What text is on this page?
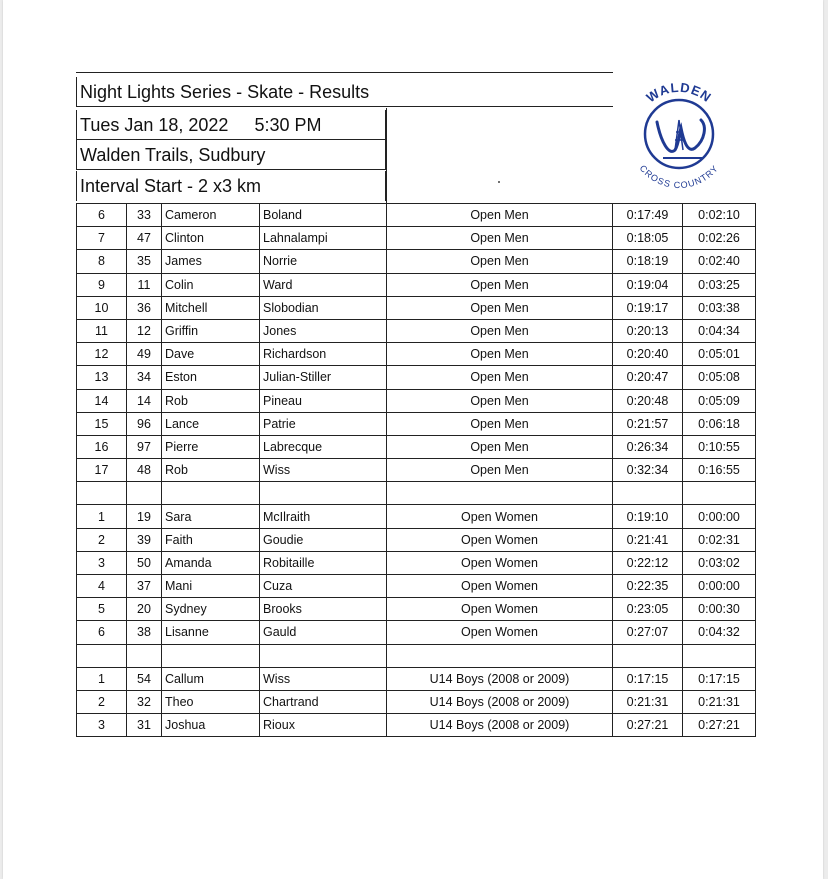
Night Lights Series - Skate - Results
Tues Jan 18, 2022 5:30 PM
Walden Trails, Sudbury
Interval Start - 2 x3 km
WALDEN
CROSS COUNTRY
6	33	Cameron	Boland	Open Men	0:17:49	0:02:10
7	47	Clinton	Lahnalampi	Open Men	0:18:05	0:02:26
8	35	James	Norrie	Open Men	0:18:19	0:02:40
9	11	Colin	Ward	Open Men	0:19:04	0:03:25
10	36	Mitchell	Slobodian	Open Men	0:19:17	0:03:38
11	12	Griffin	Jones	Open Men	0:20:13	0:04:34
12	49	Dave	Richardson	Open Men	0:20:40	0:05:01
13	34	Eston	Julian-Stiller	Open Men	0:20:47	0:05:08
14	14	Rob	Pineau	Open Men	0:20:48	0:05:09
15	96	Lance	Patrie	Open Men	0:21:57	0:06:18
16	97	Pierre	Labrecque	Open Men	0:26:34	0:10:55
17	48	Rob	Wiss	Open Men	0:32:34	0:16:55

1	19	Sara	McIlraith	Open Women	0:19:10	0:00:00
2	39	Faith	Goudie	Open Women	0:21:41	0:02:31
3	50	Amanda	Robitaille	Open Women	0:22:12	0:03:02
4	37	Mani	Cuza	Open Women	0:22:35	0:00:00
5	20	Sydney	Brooks	Open Women	0:23:05	0:00:30
6	38	Lisanne	Gauld	Open Women	0:27:07	0:04:32

1	54	Callum	Wiss	U14 Boys (2008 or 2009)	0:17:15	0:17:15
2	32	Theo	Chartrand	U14 Boys (2008 or 2009)	0:21:31	0:21:31
3	31	Joshua	Rioux	U14 Boys (2008 or 2009)	0:27:21	0:27:21
